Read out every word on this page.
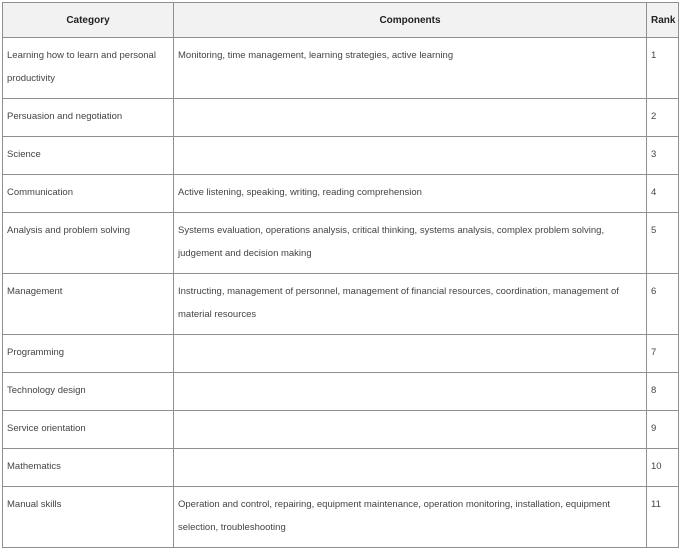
Category	Components	Rank
Learning how to learn and personal productivity	Monitoring, time management, learning strategies, active learning	1
Persuasion and negotiation		2
Science		3
Communication	Active listening, speaking, writing, reading comprehension	4
Analysis and problem solving	Systems evaluation, operations analysis, critical thinking, systems analysis, complex problem solving, judgement and decision making	5
Management	Instructing, management of personnel, management of financial resources, coordination, management of material resources	6
Programming		7
Technology design		8
Service orientation		9
Mathematics		10
Manual skills	Operation and control, repairing, equipment maintenance, operation monitoring, installation, equipment selection, troubleshooting	11
